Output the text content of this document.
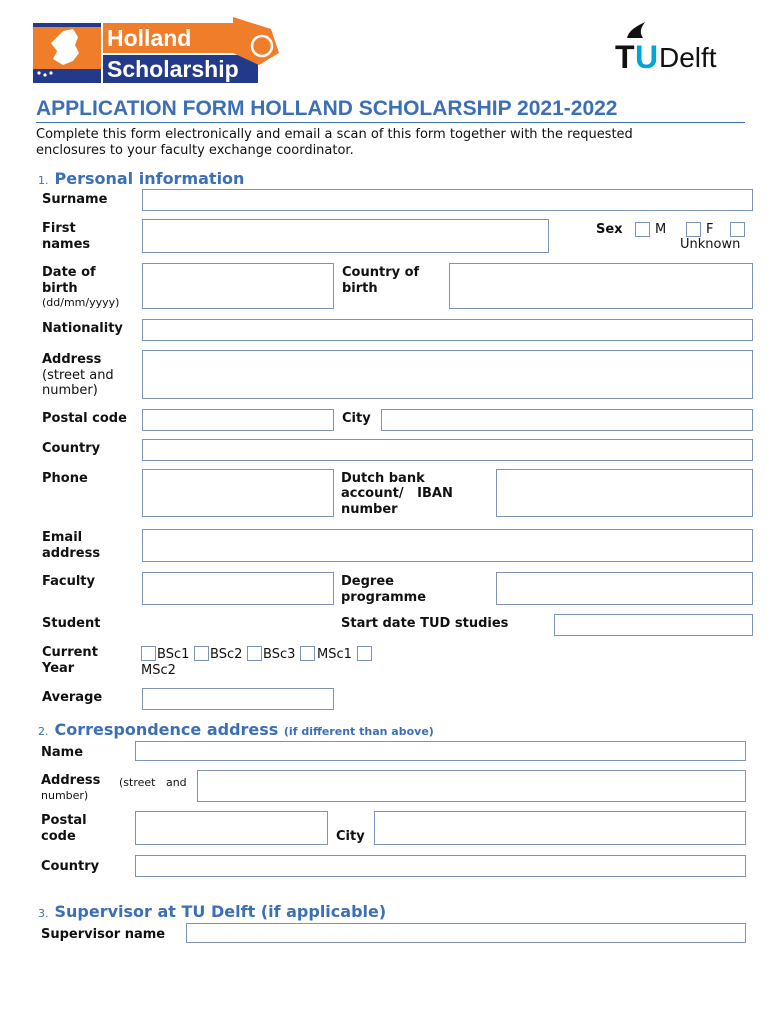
Holland
Scholarship	T U Delft
APPLICATION FORM HOLLAND SCHOLARSHIP 2021-2022
Complete this form electronically and email a scan of this form together with the requested
enclosures to your faculty exchange coordinator.
1. Personal information
Surname
First
names
Sex M	F
Unknown
Date of
birth
(dd/mm/yyyy)
Country of
birth
Nationality
Address
(street and
number)
Postal code	City
Country
Phone	Dutch bank
account/   IBAN
number
Email
address
Faculty	Degree
programme
Student	Start date TUD studies
Current
Year
BSc1 BSc2 BSc3 MSc1
MSc2
Average
2. Correspondence address (if different than above)
Name
Address (street   and
number)
Postal
code	City
Country
3. Supervisor at TU Delft (if applicable)
Supervisor name
